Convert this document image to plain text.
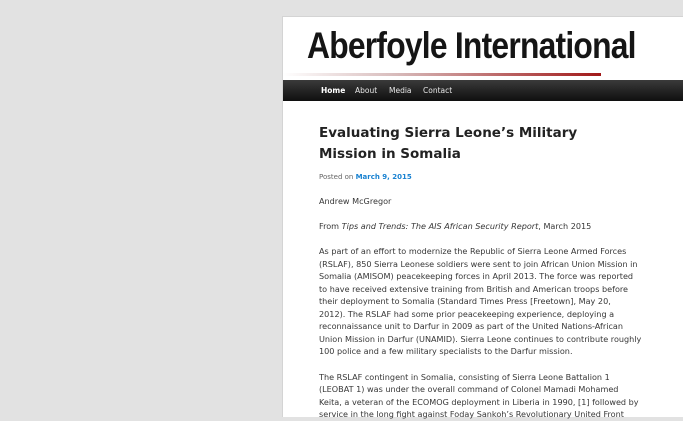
Aberfoyle International
Home About Media Contact
Evaluating Sierra Leone’s Military
Mission in Somalia
Posted on March 9, 2015

Andrew McGregor

From Tips and Trends: The AIS African Security Report, March 2015

As part of an effort to modernize the Republic of Sierra Leone Armed Forces
(RSLAF), 850 Sierra Leonese soldiers were sent to join African Union Mission in
Somalia (AMISOM) peacekeeping forces in April 2013. The force was reported
to have received extensive training from British and American troops before
their deployment to Somalia (Standard Times Press [Freetown], May 20,
2012). The RSLAF had some prior peacekeeping experience, deploying a
reconnaissance unit to Darfur in 2009 as part of the United Nations-African
Union Mission in Darfur (UNAMID). Sierra Leone continues to contribute roughly
100 police and a few military specialists to the Darfur mission.

The RSLAF contingent in Somalia, consisting of Sierra Leone Battalion 1
(LEOBAT 1) was under the overall command of Colonel Mamadi Mohamed
Keita, a veteran of the ECOMOG deployment in Liberia in 1990, [1] followed by
service in the long fight against Foday Sankoh’s Revolutionary United Front
